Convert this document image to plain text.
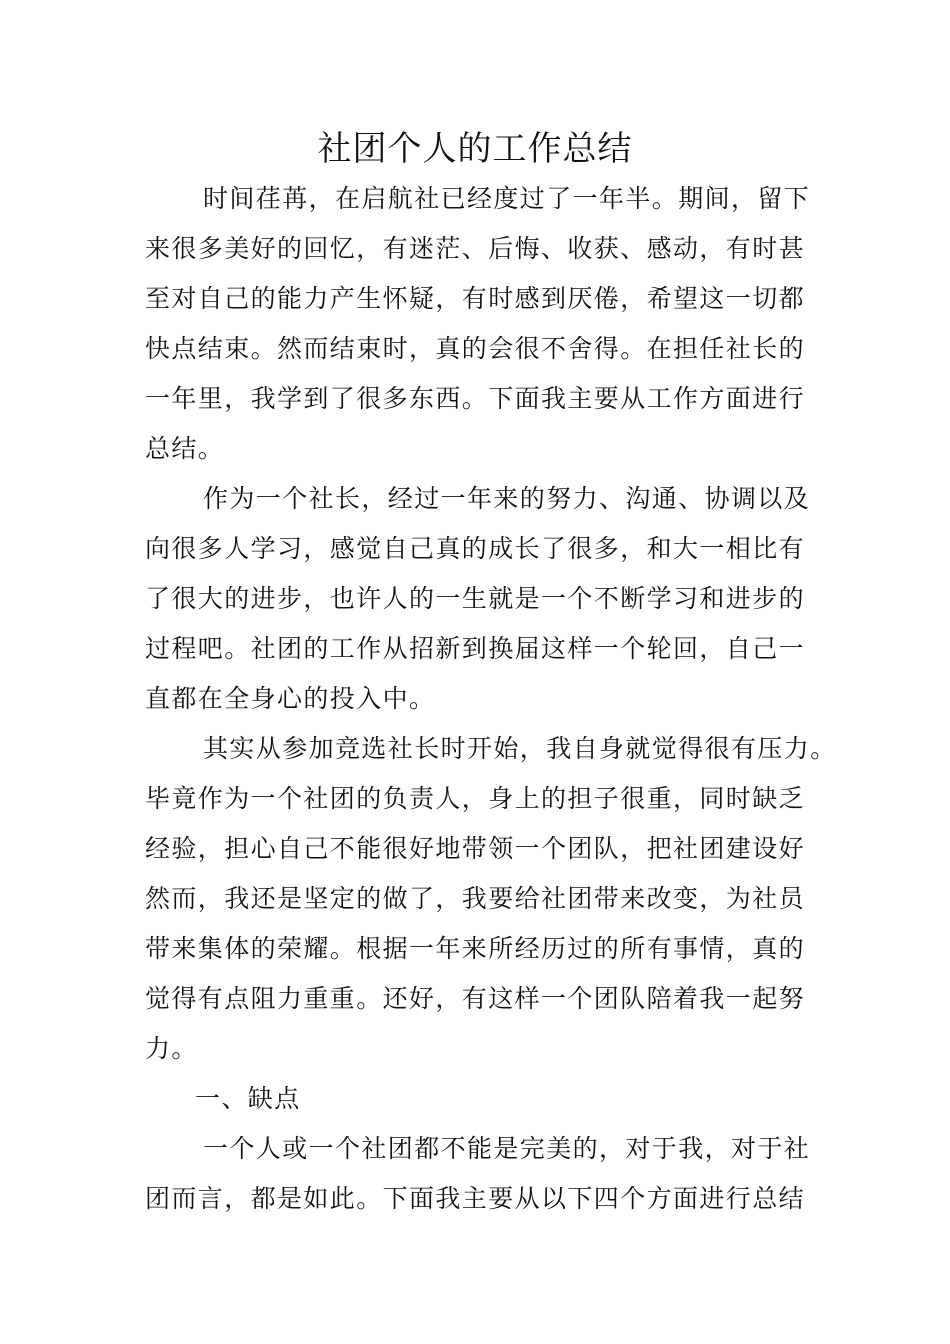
社团个人的工作总结

时间荏苒，在启航社已经度过了一年半。期间，留下

来很多美好的回忆，有迷茫、后悔、收获、感动，有时甚

至对自己的能力产生怀疑，有时感到厌倦，希望这一切都

快点结束。然而结束时，真的会很不舍得。在担任社长的

一年里，我学到了很多东西。下面我主要从工作方面进行

总结。

作为一个社长，经过一年来的努力、沟通、协调以及

向很多人学习，感觉自己真的成长了很多，和大一相比有

了很大的进步，也许人的一生就是一个不断学习和进步的

过程吧。社团的工作从招新到换届这样一个轮回，自己一

直都在全身心的投入中。

其实从参加竞选社长时开始，我自身就觉得很有压力。

毕竟作为一个社团的负责人，身上的担子很重，同时缺乏

经验，担心自己不能很好地带领一个团队，把社团建设好

然而，我还是坚定的做了，我要给社团带来改变，为社员

带来集体的荣耀。根据一年来所经历过的所有事情，真的

觉得有点阻力重重。还好，有这样一个团队陪着我一起努

力。

一、缺点

一个人或一个社团都不能是完美的，对于我，对于社

团而言，都是如此。下面我主要从以下四个方面进行总结
